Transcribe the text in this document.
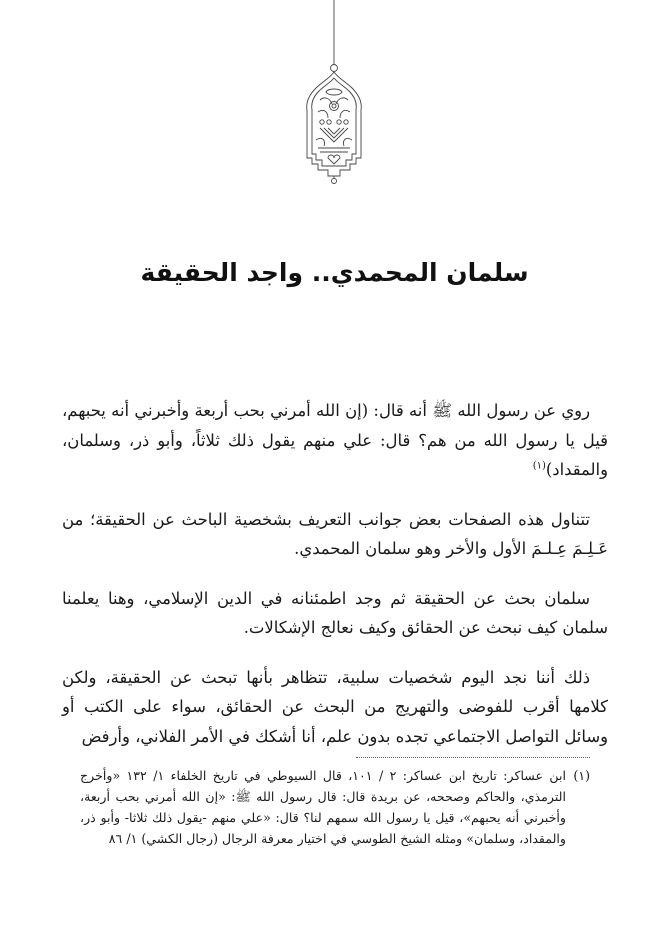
سلمان المحمدي.. واجد الحقيقة

روي عن رسول الله ﷺ أنه قال: (إن الله أمرني بحب أربعة وأخبرني أنه يحبهم، قيل يا رسول الله من هم؟ قال: علي منهم يقول ذلك ثلاثاً، وأبو ذر، وسلمان، والمقداد)$^{(١)}$

تتناول هذه الصفحات بعض جوانب التعريف بشخصية الباحث عن الحقيقة؛ من عَـلِـمَ عِـلـمَ الأول والأخر وهو سلمان المحمدي.

سلمان بحث عن الحقيقة ثم وجد اطمئنانه في الدين الإسلامي، وهنا يعلمنا سلمان كيف نبحث عن الحقائق وكيف نعالج الإشكالات.

ذلك أننا نجد اليوم شخصيات سلبية، تتظاهر بأنها تبحث عن الحقيقة، ولكن كلامها أقرب للفوضى والتهريج من البحث عن الحقائق، سواء على الكتب أو وسائل التواصل الاجتماعي تجده بدون علم، أنا أشكك في الأمر الفلاني، وأرفض

(١)
ابن عساكر: تاريخ ابن عساكر: ٢ / ١٠١، قال السيوطي في تاريخ الخلفاء ١/ ١٣٢ «وأخرج الترمذي، والحاكم وصححه، عن بريدة قال: قال رسول الله ﷺ: «إن الله أمرني بحب أربعة، وأخبرني أنه يحبهم»، قيل يا رسول الله سمهم لنا؟ قال: «علي منهم -يقول ذلك ثلاثا- وأبو ذر، والمقداد، وسلمان» ومثله الشيخ الطوسي في اختيار معرفة الرجال (رجال الكشي) ١/ ٨٦
